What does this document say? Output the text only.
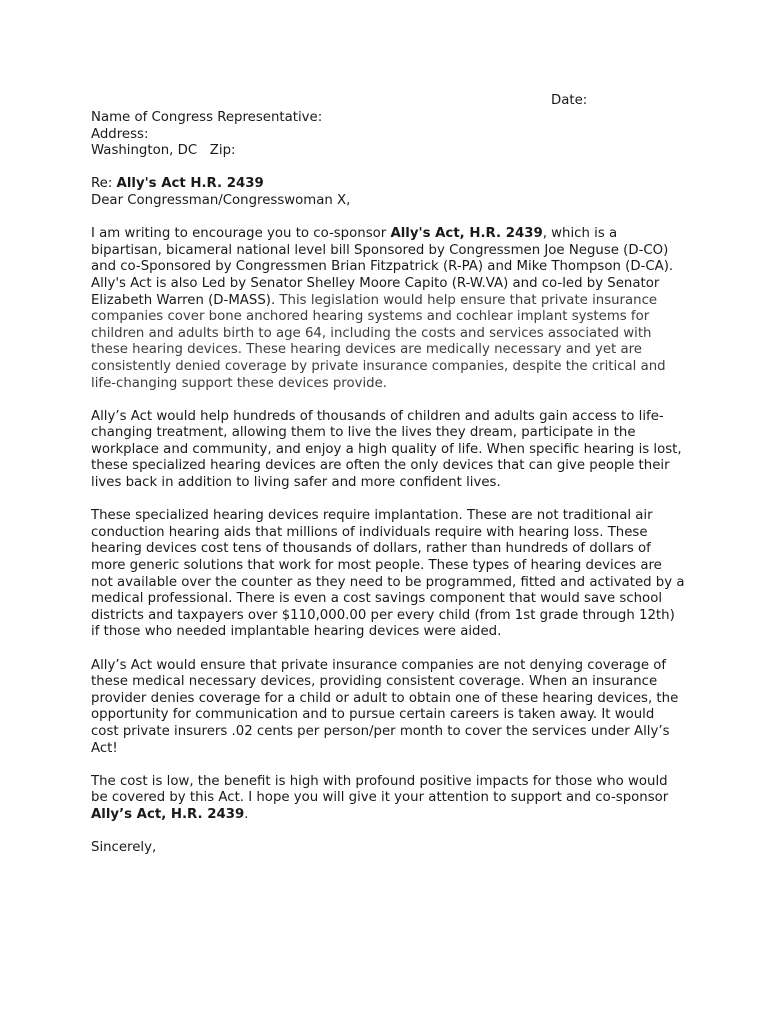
Date:

Name of Congress Representative:

Address:

Washington, DC   Zip:

Re: Ally's Act H.R. 2439

Dear Congressman/Congresswoman X,

I am writing to encourage you to co-sponsor Ally's Act, H.R. 2439, which is a bipartisan, bicameral national level bill Sponsored by Congressmen Joe Neguse (D-CO) and co-Sponsored by Congressmen Brian Fitzpatrick (R-PA) and Mike Thompson (D-CA). Ally's Act is also Led by Senator Shelley Moore Capito (R-W.VA) and co-led by Senator Elizabeth Warren (D-MASS). This legislation would help ensure that private insurance companies cover bone anchored hearing systems and cochlear implant systems for children and adults birth to age 64, including the costs and services associated with these hearing devices. These hearing devices are medically necessary and yet are consistently denied coverage by private insurance companies, despite the critical and life-changing support these devices provide.

Ally’s Act would help hundreds of thousands of children and adults gain access to life-changing treatment, allowing them to live the lives they dream, participate in the workplace and community, and enjoy a high quality of life. When specific hearing is lost, these specialized hearing devices are often the only devices that can give people their lives back in addition to living safer and more confident lives.

These specialized hearing devices require implantation. These are not traditional air conduction hearing aids that millions of individuals require with hearing loss. These hearing devices cost tens of thousands of dollars, rather than hundreds of dollars of more generic solutions that work for most people. These types of hearing devices are not available over the counter as they need to be programmed, fitted and activated by a medical professional. There is even a cost savings component that would save school districts and taxpayers over $110,000.00 per every child (from 1st grade through 12th) if those who needed implantable hearing devices were aided.

Ally’s Act would ensure that private insurance companies are not denying coverage of these medical necessary devices, providing consistent coverage. When an insurance provider denies coverage for a child or adult to obtain one of these hearing devices, the opportunity for communication and to pursue certain careers is taken away. It would cost private insurers .02 cents per person/per month to cover the services under Ally’s Act!

The cost is low, the benefit is high with profound positive impacts for those who would be covered by this Act. I hope you will give it your attention to support and co-sponsor Ally’s Act, H.R. 2439.

Sincerely,
